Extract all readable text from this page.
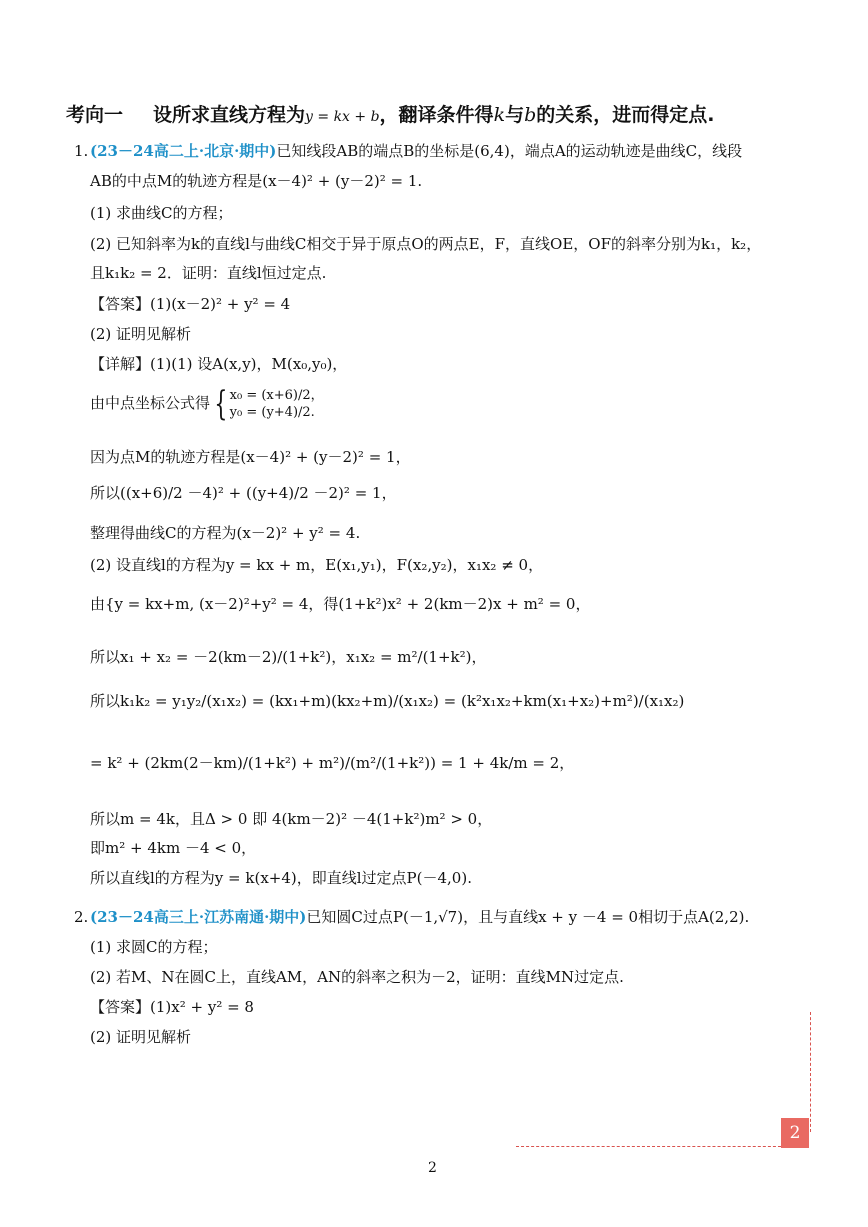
考向一 设所求直线方程为y = kx + b，翻译条件得k与b的关系，进而得定点.
1. (23－24高二上·北京·期中)已知线段AB的端点B的坐标是(6,4)，端点A的运动轨迹是曲线C，线段
AB的中点M的轨迹方程是(x－4)² + (y－2)² = 1.
(1) 求曲线C的方程；
(2) 已知斜率为k的直线l与曲线C相交于异于原点O的两点E，F，直线OE，OF的斜率分别为k₁，k₂，
且k₁k₂ = 2．证明：直线l恒过定点.
【答案】(1)(x－2)² + y² = 4
(2) 证明见解析
【详解】(1)(1) 设A(x,y)，M(x₀,y₀)，
由中点坐标公式得 { x₀ = (x+6)/2，
y₀ = (y+4)/2.
因为点M的轨迹方程是(x－4)² + (y－2)² = 1，
所以((x+6)/2 －4)² + ((y+4)/2 －2)² = 1，
整理得曲线C的方程为(x－2)² + y² = 4.
(2) 设直线l的方程为y = kx + m，E(x₁,y₁)，F(x₂,y₂)，x₁x₂ ≠ 0，
由{y = kx+m, (x－2)²+y² = 4，得(1+k²)x² + 2(km－2)x + m² = 0，
所以x₁ + x₂ = －2(km－2)/(1+k²)，x₁x₂ = m²/(1+k²)，
所以k₁k₂ = y₁y₂/(x₁x₂) = (kx₁+m)(kx₂+m)/(x₁x₂) = (k²x₁x₂+km(x₁+x₂)+m²)/(x₁x₂)
= k² + (2km(2－km)/(1+k²) + m²)/(m²/(1+k²)) = 1 + 4k/m = 2，
所以m = 4k，且Δ > 0 即 4(km－2)² －4(1+k²)m² > 0，
即m² + 4km －4 < 0，
所以直线l的方程为y = k(x+4)，即直线l过定点P(－4,0).
2. (23－24高三上·江苏南通·期中)已知圆C过点P(－1,√7)，且与直线x + y －4 = 0相切于点A(2,2).
(1) 求圆C的方程；
(2) 若M、N在圆C上，直线AM，AN的斜率之积为－2，证明：直线MN过定点.
【答案】(1)x² + y² = 8
(2) 证明见解析
2
2
